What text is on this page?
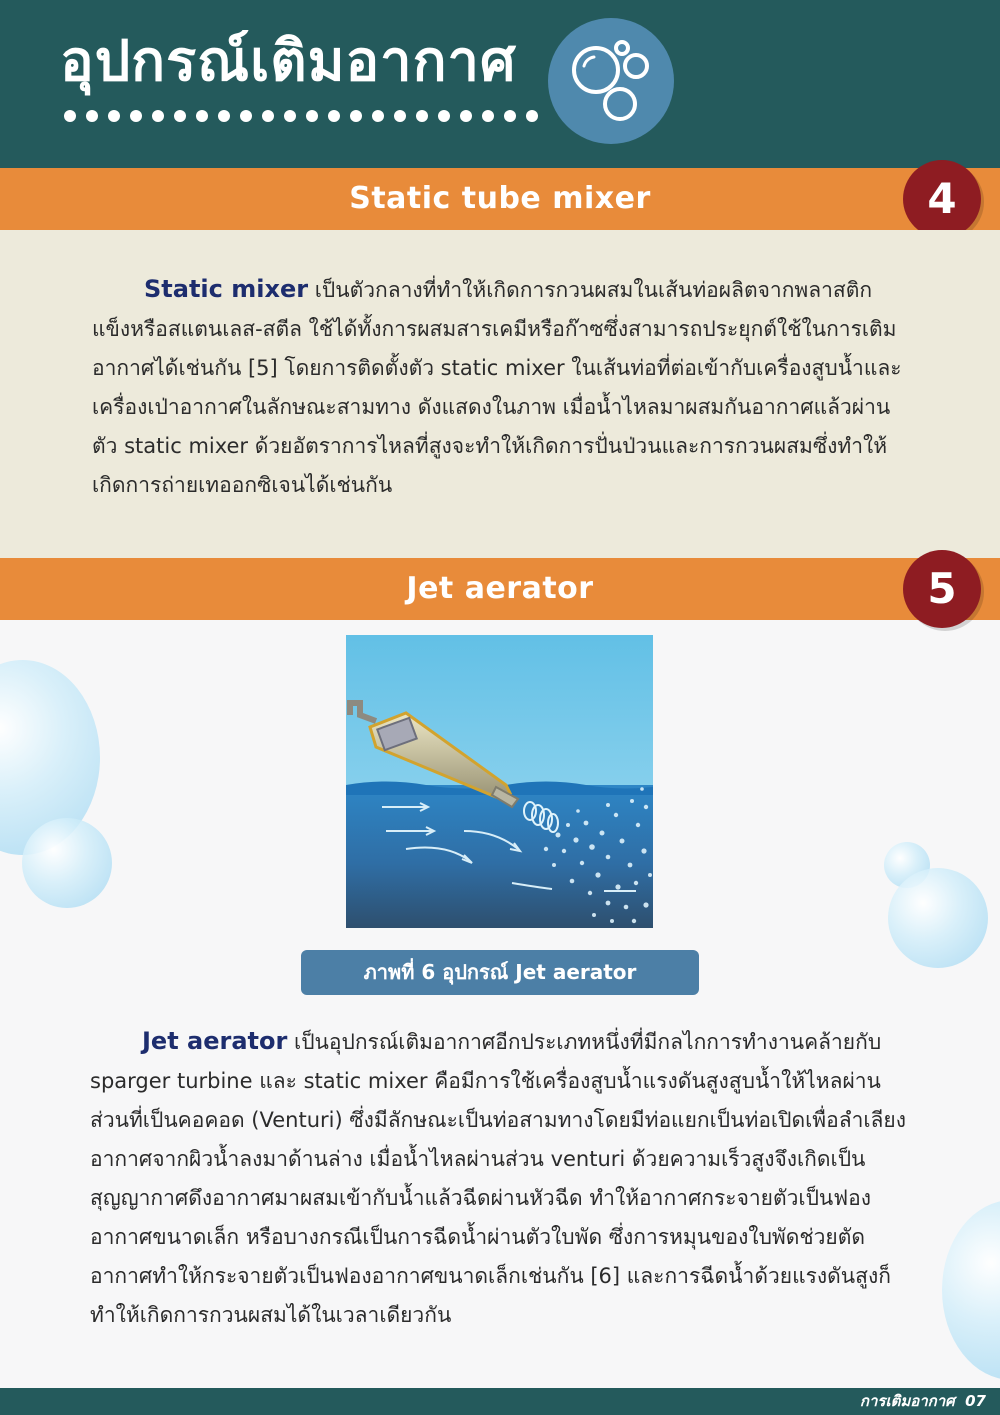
อุปกรณ์เติมอากาศ
Static tube mixer	4

Static mixer เป็นตัวกลางที่ทำให้เกิดการกวนผสมในเส้นท่อผลิตจากพลาสติกแข็งหรือสแตนเลส-สตีล ใช้ได้ทั้งการผสมสารเคมีหรือก๊าซซึ่งสามารถประยุกต์ใช้ในการเติมอากาศได้เช่นกัน [5] โดยการติดตั้งตัว static mixer ในเส้นท่อที่ต่อเข้ากับเครื่องสูบน้ำและเครื่องเป่าอากาศในลักษณะสามทาง ดังแสดงในภาพ เมื่อน้ำไหลมาผสมกันอากาศแล้วผ่านตัว static mixer ด้วยอัตราการไหลที่สูงจะทำให้เกิดการปั่นป่วนและการกวนผสมซึ่งทำให้เกิดการถ่ายเทออกซิเจนได้เช่นกัน

Jet aerator	5
ภาพที่ 6 อุปกรณ์ Jet aerator

Jet aerator เป็นอุปกรณ์เติมอากาศอีกประเภทหนึ่งที่มีกลไกการทำงานคล้ายกับ sparger turbine และ static mixer คือมีการใช้เครื่องสูบน้ำแรงดันสูงสูบน้ำให้ไหลผ่านส่วนที่เป็นคอคอด (Venturi) ซึ่งมีลักษณะเป็นท่อสามทางโดยมีท่อแยกเป็นท่อเปิดเพื่อลำเลียงอากาศจากผิวน้ำลงมาด้านล่าง เมื่อน้ำไหลผ่านส่วน venturi ด้วยความเร็วสูงจึงเกิดเป็นสุญญากาศดึงอากาศมาผสมเข้ากับน้ำแล้วฉีดผ่านหัวฉีด ทำให้อากาศกระจายตัวเป็นฟองอากาศขนาดเล็ก หรือบางกรณีเป็นการฉีดน้ำผ่านตัวใบพัด ซึ่งการหมุนของใบพัดช่วยตัดอากาศทำให้กระจายตัวเป็นฟองอากาศขนาดเล็กเช่นกัน [6] และการฉีดน้ำด้วยแรงดันสูงก็ทำให้เกิดการกวนผสมได้ในเวลาเดียวกัน

การเติมอากาศ 07
